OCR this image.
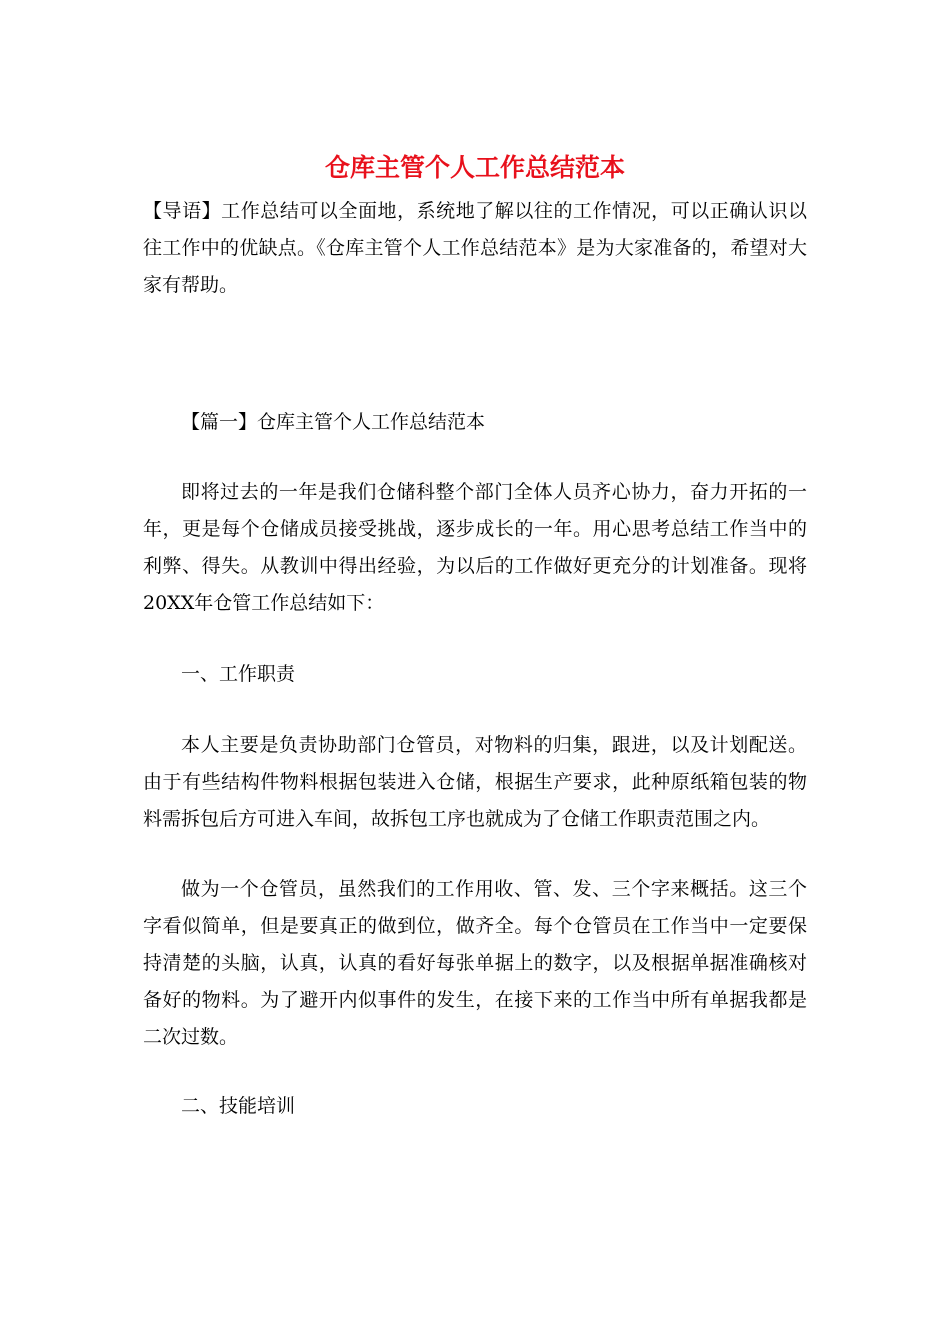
仓库主管个人工作总结范本

【导语】工作总结可以全面地，系统地了解以往的工作情况，可以正确认识以往工作中的优缺点。《仓库主管个人工作总结范本》是为大家准备的，希望对大家有帮助。

【篇一】仓库主管个人工作总结范本

即将过去的一年是我们仓储科整个部门全体人员齐心协力，奋力开拓的一年，更是每个仓储成员接受挑战，逐步成长的一年。用心思考总结工作当中的利弊、得失。从教训中得出经验，为以后的工作做好更充分的计划准备。现将20XX年仓管工作总结如下：

一、工作职责

本人主要是负责协助部门仓管员，对物料的归集，跟进，以及计划配送。由于有些结构件物料根据包装进入仓储，根据生产要求，此种原纸箱包装的物料需拆包后方可进入车间，故拆包工序也就成为了仓储工作职责范围之内。

做为一个仓管员，虽然我们的工作用收、管、发、三个字来概括。这三个字看似简单，但是要真正的做到位，做齐全。每个仓管员在工作当中一定要保持清楚的头脑，认真，认真的看好每张单据上的数字，以及根据单据准确核对备好的物料。为了避开内似事件的发生，在接下来的工作当中所有单据我都是二次过数。

二、技能培训
